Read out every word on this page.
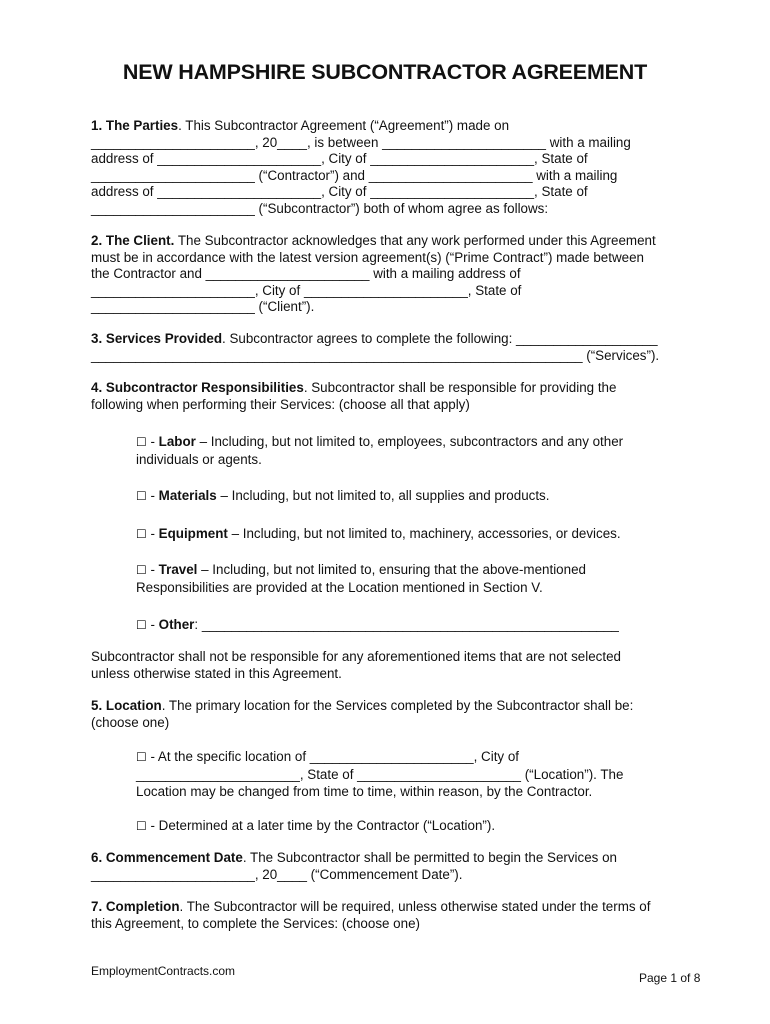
NEW HAMPSHIRE SUBCONTRACTOR AGREEMENT
1. The Parties. This Subcontractor Agreement (“Agreement”) made on
______________________, 20____, is between ______________________ with a mailing
address of ______________________, City of ______________________, State of
______________________ (“Contractor”) and ______________________ with a mailing
address of ______________________, City of ______________________, State of
______________________ (“Subcontractor”) both of whom agree as follows:
2. The Client. The Subcontractor acknowledges that any work performed under this Agreement
must be in accordance with the latest version agreement(s) (“Prime Contract”) made between
the Contractor and ______________________ with a mailing address of
______________________, City of ______________________, State of
______________________ (“Client”).
3. Services Provided. Subcontractor agrees to complete the following: ___________________
__________________________________________________________________ (“Services”).
4. Subcontractor Responsibilities. Subcontractor shall be responsible for providing the
following when performing their Services: (choose all that apply)
☐ - Labor – Including, but not limited to, employees, subcontractors and any other
individuals or agents.
☐ - Materials – Including, but not limited to, all supplies and products.
☐ - Equipment – Including, but not limited to, machinery, accessories, or devices.
☐ - Travel – Including, but not limited to, ensuring that the above-mentioned
Responsibilities are provided at the Location mentioned in Section V.
☐ - Other: ________________________________________________________
Subcontractor shall not be responsible for any aforementioned items that are not selected
unless otherwise stated in this Agreement.
5. Location. The primary location for the Services completed by the Subcontractor shall be:
(choose one)
☐ - At the specific location of ______________________, City of
______________________, State of ______________________ (“Location”). The
Location may be changed from time to time, within reason, by the Contractor.
☐ - Determined at a later time by the Contractor (“Location”).
6. Commencement Date. The Subcontractor shall be permitted to begin the Services on
______________________, 20____ (“Commencement Date”).
7. Completion. The Subcontractor will be required, unless otherwise stated under the terms of
this Agreement, to complete the Services: (choose one)
EmploymentContracts.com	Page 1 of 8
